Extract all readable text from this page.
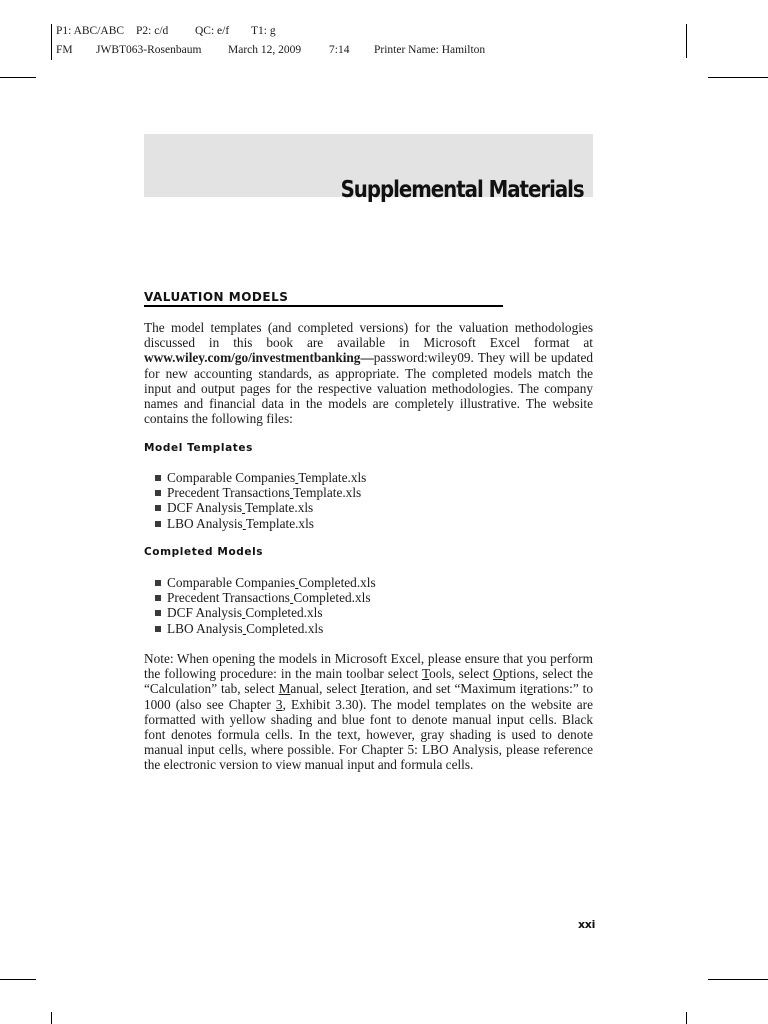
P1: ABC/ABC P2: c/d QC: e/f T1: g
FM JWBT063-Rosenbaum March 12, 2009 7:14 Printer Name: Hamilton
Supplemental Materials
VALUATION MODELS

The model templates (and completed versions) for the valuation methodologies discussed in this book are available in Microsoft Excel format at www.wiley.com/go/investmentbanking—password:wiley09. They will be updated for new accounting standards, as appropriate. The completed models match the input and output pages for the respective valuation methodologies. The company names and financial data in the models are completely illustrative. The website contains the following files:

Model Templates
Comparable Companies Template.xls
Precedent Transactions Template.xls
DCF Analysis Template.xls
LBO Analysis Template.xls
Completed Models
Comparable Companies Completed.xls
Precedent Transactions Completed.xls
DCF Analysis Completed.xls
LBO Analysis Completed.xls

Note: When opening the models in Microsoft Excel, please ensure that you perform the following procedure: in the main toolbar select Tools, select Options, select the “Calculation” tab, select Manual, select Iteration, and set “Maximum iterations:” to 1000 (also see Chapter 3, Exhibit 3.30). The model templates on the website are formatted with yellow shading and blue font to denote manual input cells. Black font denotes formula cells. In the text, however, gray shading is used to denote manual input cells, where possible. For Chapter 5: LBO Analysis, please reference the electronic version to view manual input and formula cells.

xxi
